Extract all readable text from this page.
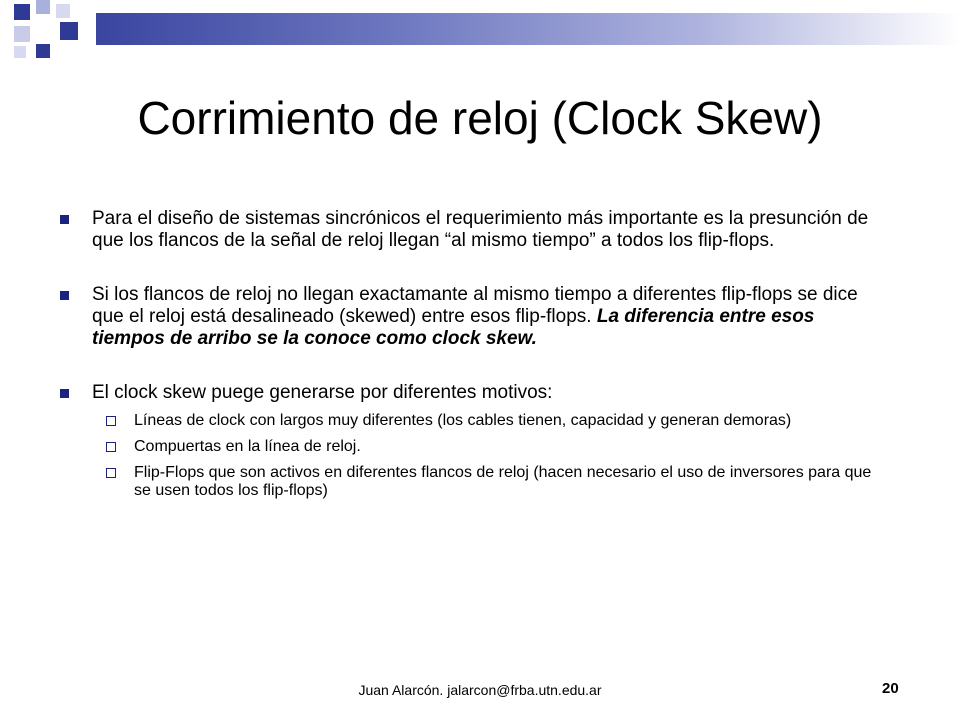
Corrimiento de reloj (Clock Skew)
Para el diseño de sistemas sincrónicos el requerimiento más importante es la presunción de que los flancos de la señal de reloj llegan “al mismo tiempo” a todos los flip-flops.
Si los flancos de reloj no llegan exactamante al mismo tiempo a diferentes flip-flops se dice que el reloj está desalineado (skewed) entre esos flip-flops. La diferencia entre esos tiempos de arribo se la conoce como clock skew.
El clock skew puege generarse por diferentes motivos:
Líneas de clock con largos muy diferentes (los cables tienen, capacidad y generan demoras)
Compuertas en la línea de reloj.
Flip-Flops que son activos en diferentes flancos de reloj (hacen necesario el uso de inversores para que se usen todos los flip-flops)
Juan Alarcón. jalarcon@frba.utn.edu.ar	20
